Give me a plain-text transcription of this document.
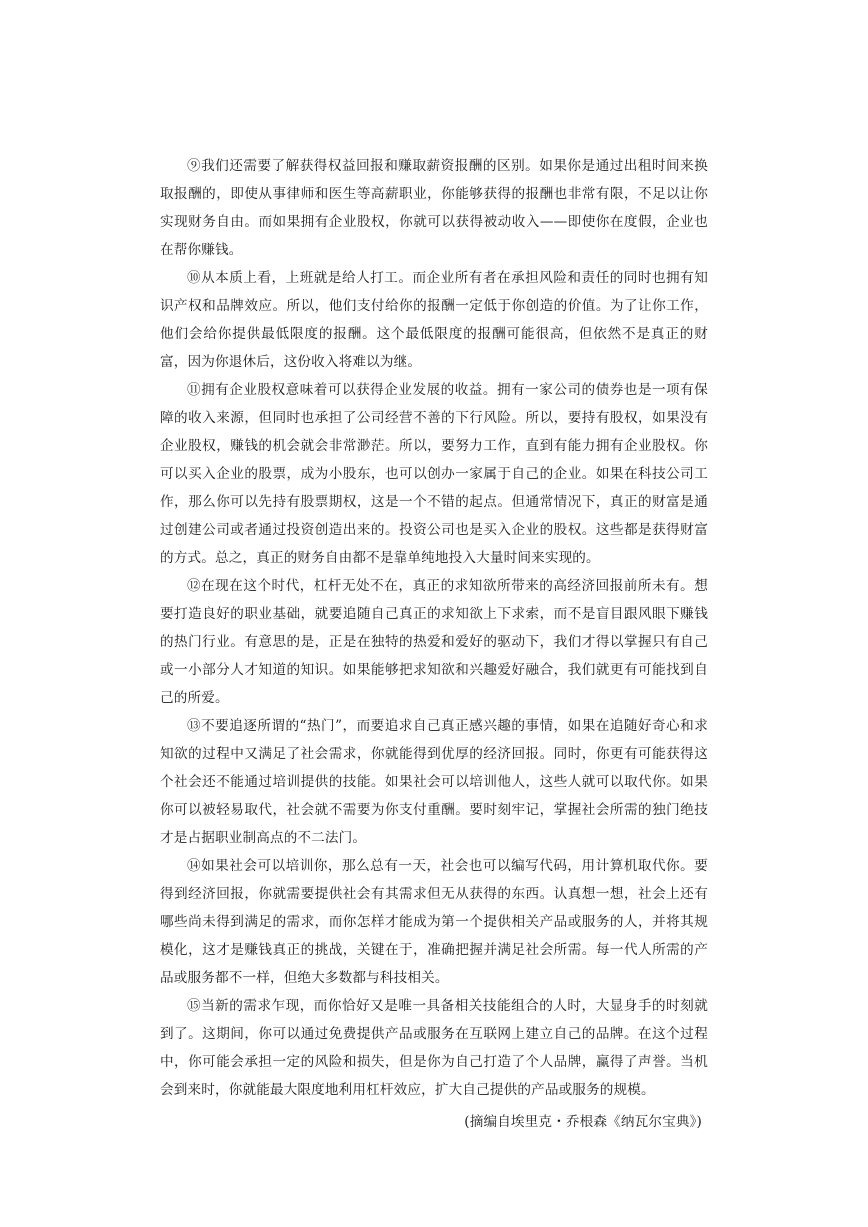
⑨我们还需要了解获得权益回报和赚取薪资报酬的区别。如果你是通过出租时间来换取报酬的，即使从事律师和医生等高薪职业，你能够获得的报酬也非常有限，不足以让你实现财务自由。而如果拥有企业股权，你就可以获得被动收入——即使你在度假，企业也在帮你赚钱。

⑩从本质上看，上班就是给人打工。而企业所有者在承担风险和责任的同时也拥有知识产权和品牌效应。所以，他们支付给你的报酬一定低于你创造的价值。为了让你工作，他们会给你提供最低限度的报酬。这个最低限度的报酬可能很高，但依然不是真正的财富，因为你退休后，这份收入将难以为继。

⑪拥有企业股权意味着可以获得企业发展的收益。拥有一家公司的债券也是一项有保障的收入来源，但同时也承担了公司经营不善的下行风险。所以，要持有股权，如果没有企业股权，赚钱的机会就会非常渺茫。所以，要努力工作，直到有能力拥有企业股权。你可以买入企业的股票，成为小股东，也可以创办一家属于自己的企业。如果在科技公司工作，那么你可以先持有股票期权，这是一个不错的起点。但通常情况下，真正的财富是通过创建公司或者通过投资创造出来的。投资公司也是买入企业的股权。这些都是获得财富的方式。总之，真正的财务自由都不是靠单纯地投入大量时间来实现的。

⑫在现在这个时代，杠杆无处不在，真正的求知欲所带来的高经济回报前所未有。想要打造良好的职业基础，就要追随自己真正的求知欲上下求索，而不是盲目跟风眼下赚钱的热门行业。有意思的是，正是在独特的热爱和爱好的驱动下，我们才得以掌握只有自己或一小部分人才知道的知识。如果能够把求知欲和兴趣爱好融合，我们就更有可能找到自己的所爱。

⑬不要追逐所谓的“热门”，而要追求自己真正感兴趣的事情，如果在追随好奇心和求知欲的过程中又满足了社会需求，你就能得到优厚的经济回报。同时，你更有可能获得这个社会还不能通过培训提供的技能。如果社会可以培训他人，这些人就可以取代你。如果你可以被轻易取代，社会就不需要为你支付重酬。要时刻牢记，掌握社会所需的独门绝技才是占据职业制高点的不二法门。

⑭如果社会可以培训你，那么总有一天，社会也可以编写代码，用计算机取代你。要得到经济回报，你就需要提供社会有其需求但无从获得的东西。认真想一想，社会上还有哪些尚未得到满足的需求，而你怎样才能成为第一个提供相关产品或服务的人，并将其规模化，这才是赚钱真正的挑战，关键在于，准确把握并满足社会所需。每一代人所需的产品或服务都不一样，但绝大多数都与科技相关。

⑮当新的需求乍现，而你恰好又是唯一具备相关技能组合的人时，大显身手的时刻就到了。这期间，你可以通过免费提供产品或服务在互联网上建立自己的品牌。在这个过程中，你可能会承担一定的风险和损失，但是你为自己打造了个人品牌，赢得了声誉。当机会到来时，你就能最大限度地利用杠杆效应，扩大自己提供的产品或服务的规模。

(摘编自埃里克・乔根森《纳瓦尔宝典》)
